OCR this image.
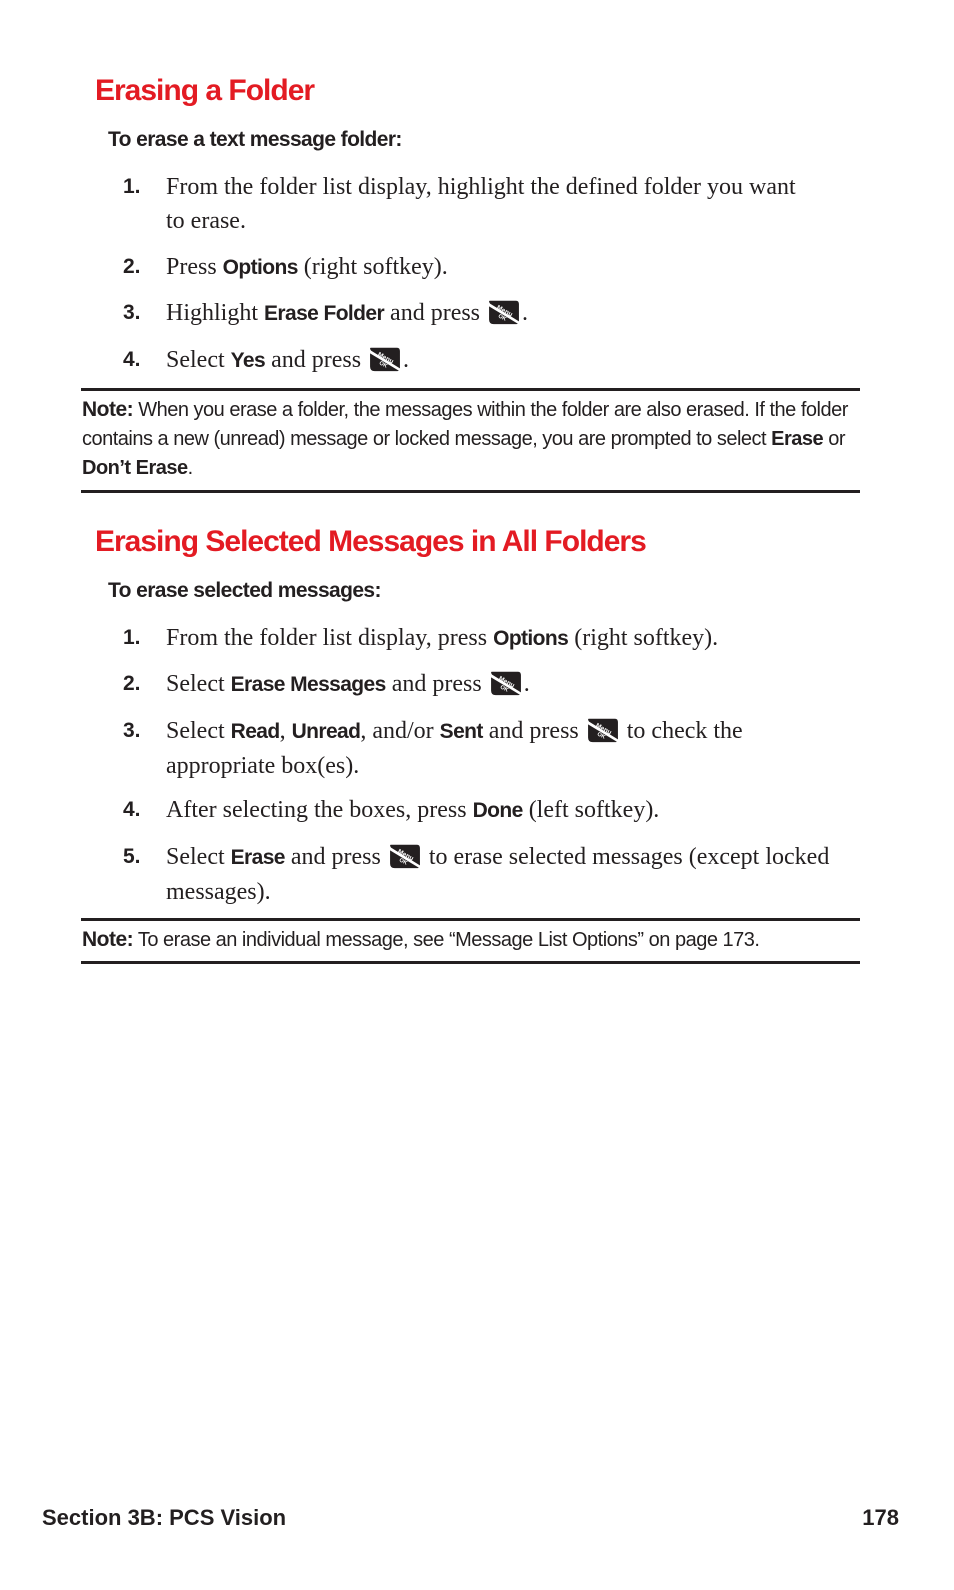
Erasing a Folder

To erase a text message folder:

1.	From the folder list display, highlight the defined folder you want to erase.
2.	Press Options (right softkey).
3.	Highlight Erase Folder and press .
4.	Select Yes and press .
Note: When you erase a folder, the messages within the folder are also erased. If the folder contains a new (unread) message or locked message, you are prompted to select Erase or Don’t Erase.
Erasing Selected Messages in All Folders

To erase selected messages:

1.	From the folder list display, press Options (right softkey).
2.	Select Erase Messages and press .
3.	Select Read, Unread, and/or Sent and press  to check the appropriate box(es).
4.	After selecting the boxes, press Done (left softkey).
5.	Select Erase and press  to erase selected messages (except locked messages).
Note: To erase an individual message, see “Message List Options” on page 173.
Section 3B: PCS Vision	178
